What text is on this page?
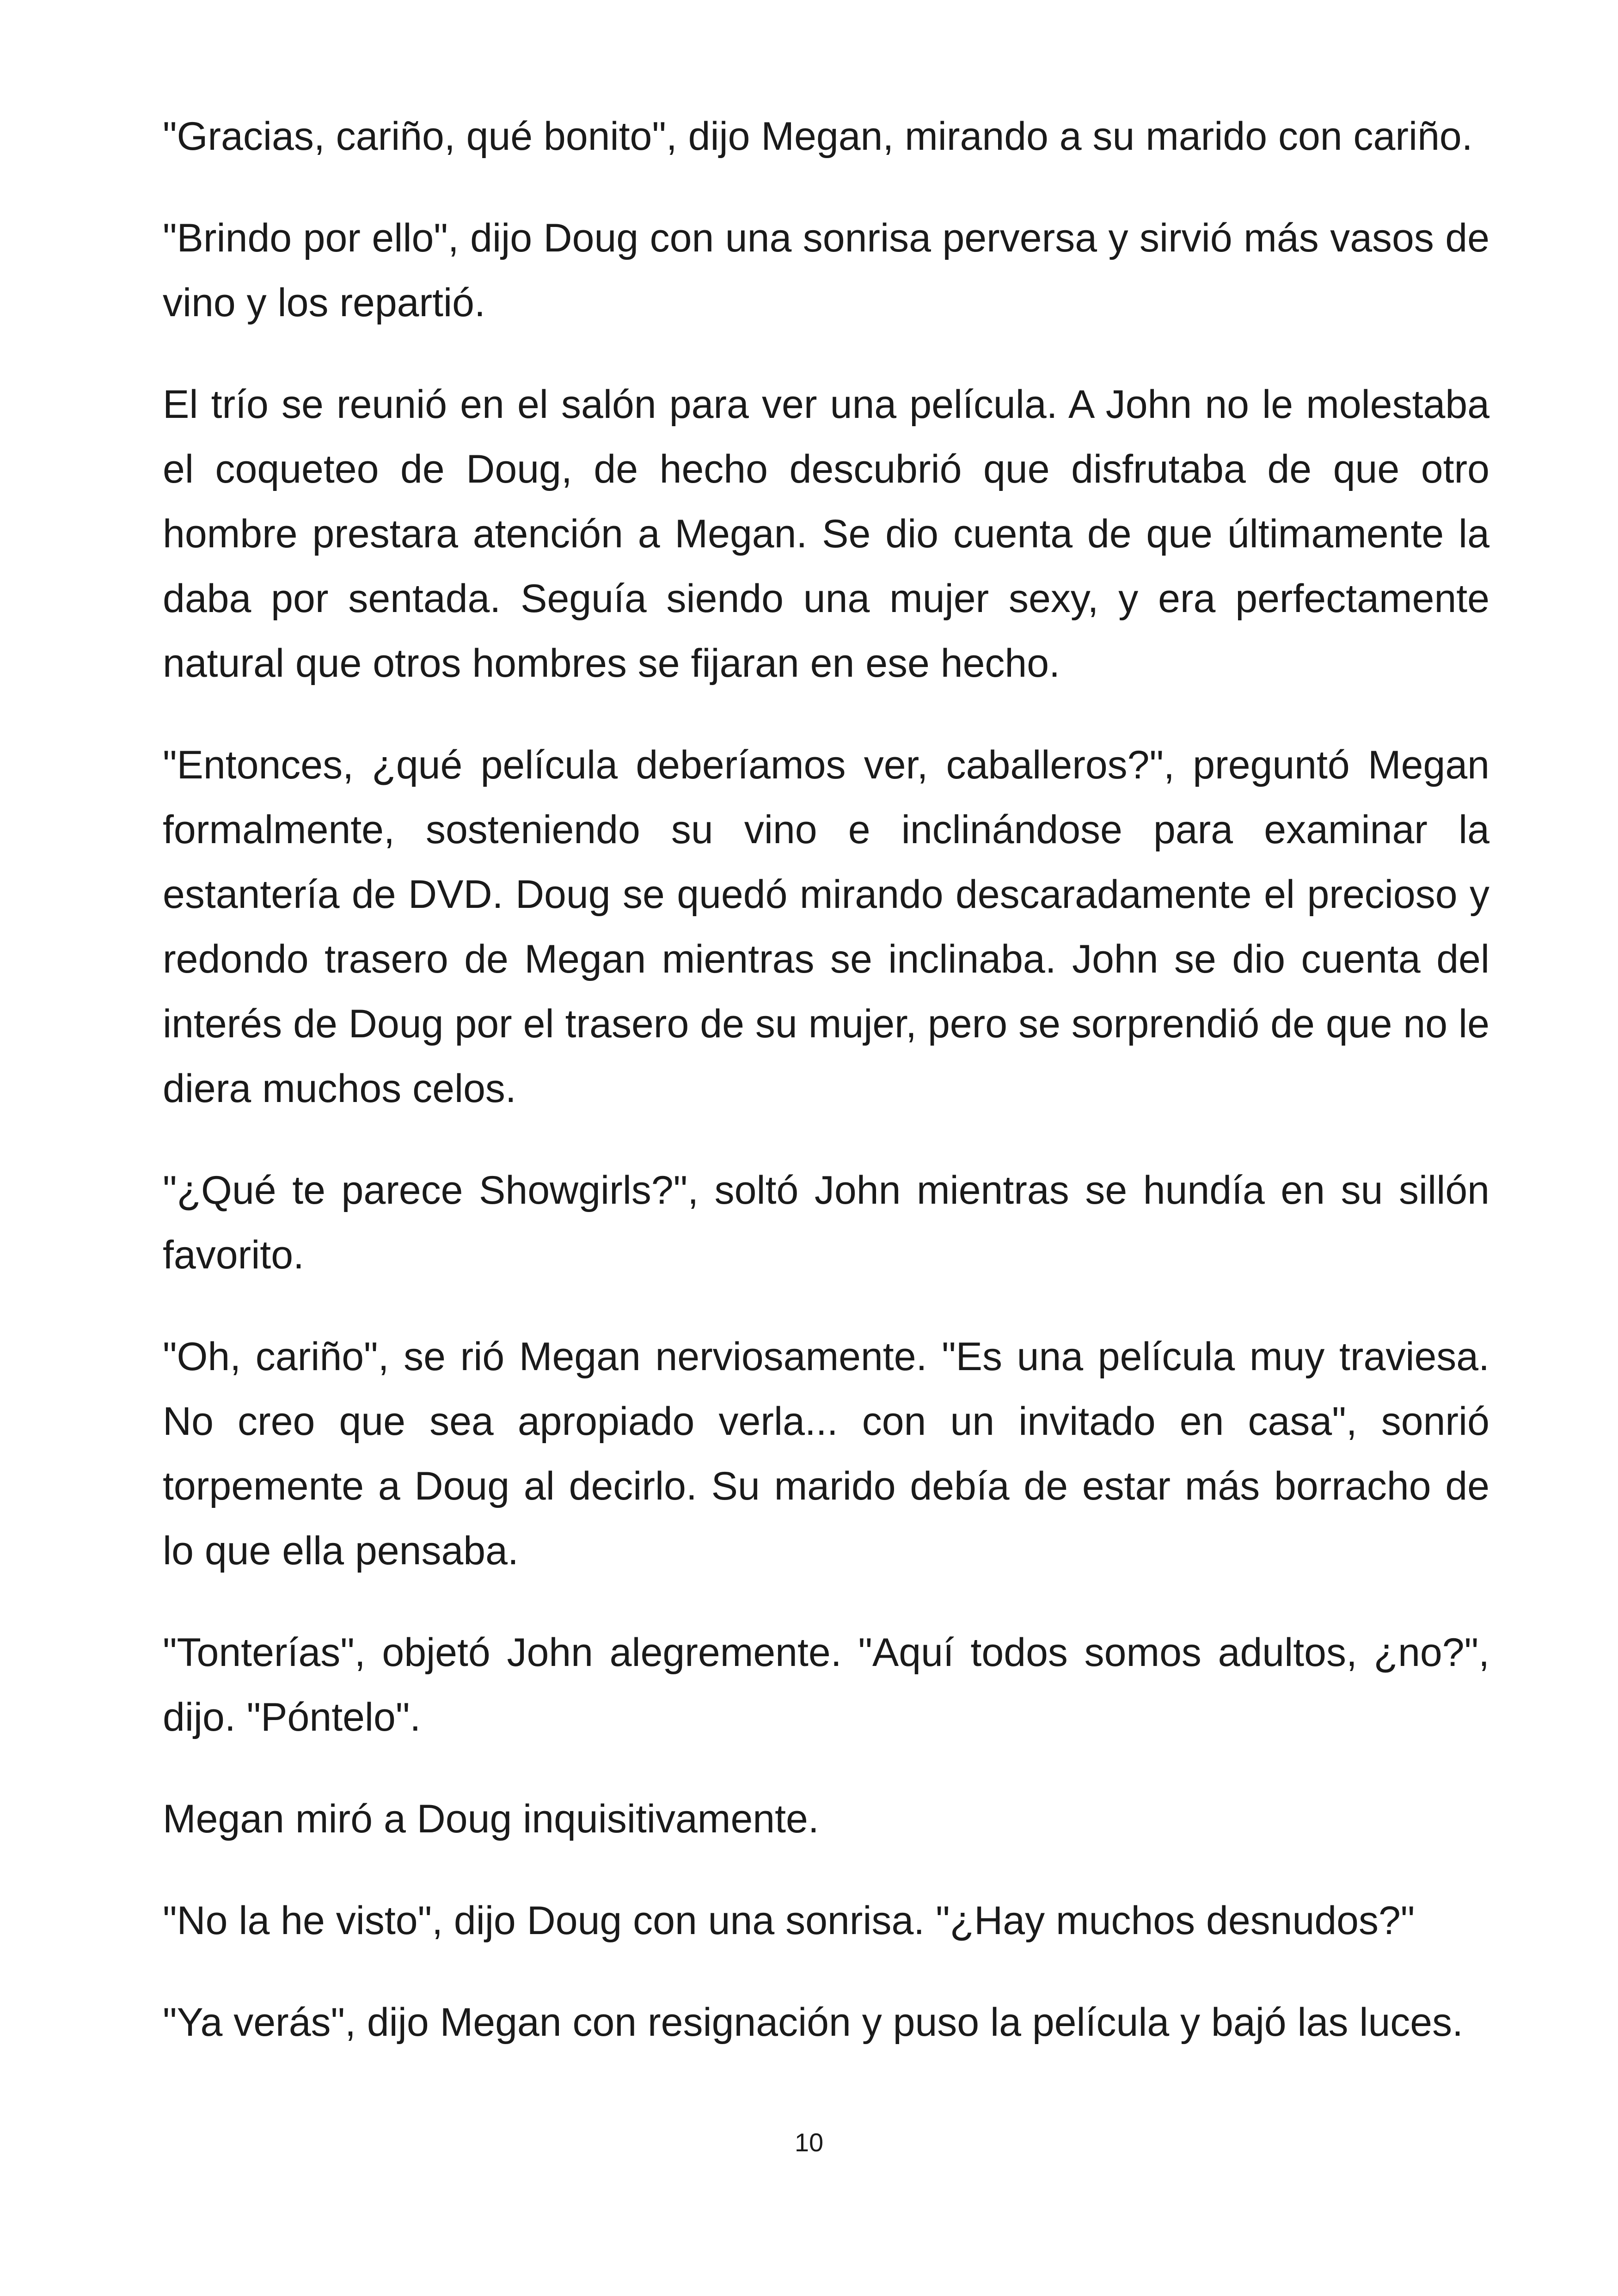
"Gracias, cariño, qué bonito", dijo Megan, mirando a su marido con cariño.

"Brindo por ello", dijo Doug con una sonrisa perversa y sirvió más vasos de vino y los repartió.

El trío se reunió en el salón para ver una película. A John no le molestaba el coqueteo de Doug, de hecho descubrió que disfrutaba de que otro hombre prestara atención a Megan. Se dio cuenta de que últimamente la daba por sentada. Seguía siendo una mujer sexy, y era perfectamente natural que otros hombres se fijaran en ese hecho.

"Entonces, ¿qué película deberíamos ver, caballeros?", preguntó Megan formalmente, sosteniendo su vino e inclinándose para examinar la estantería de DVD. Doug se quedó mirando descaradamente el precioso y redondo trasero de Megan mientras se inclinaba. John se dio cuenta del interés de Doug por el trasero de su mujer, pero se sorprendió de que no le diera muchos celos.

"¿Qué te parece Showgirls?", soltó John mientras se hundía en su sillón favorito.

"Oh, cariño", se rió Megan nerviosamente. "Es una película muy traviesa. No creo que sea apropiado verla... con un invitado en casa", sonrió torpemente a Doug al decirlo. Su marido debía de estar más borracho de lo que ella pensaba.

"Tonterías", objetó John alegremente. "Aquí todos somos adultos, ¿no?", dijo. "Póntelo".

Megan miró a Doug inquisitivamente.

"No la he visto", dijo Doug con una sonrisa. "¿Hay muchos desnudos?"

"Ya verás", dijo Megan con resignación y puso la película y bajó las luces.

10
